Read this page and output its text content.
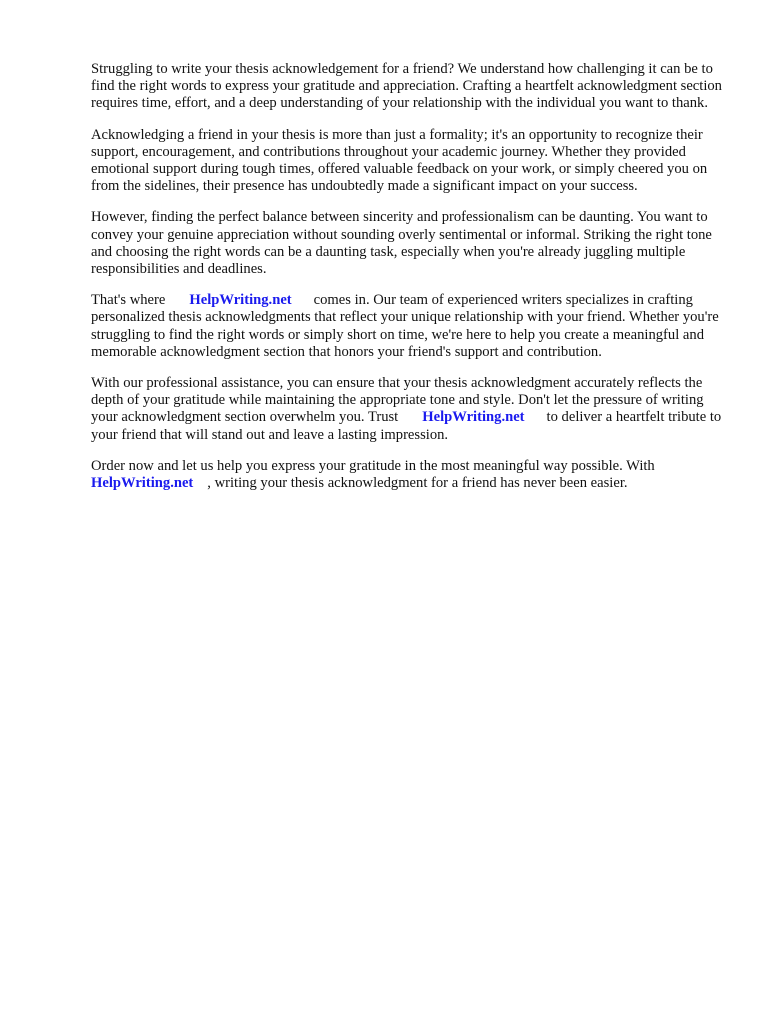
Struggling to write your thesis acknowledgement for a friend? We understand how challenging it can be to find the right words to express your gratitude and appreciation. Crafting a heartfelt acknowledgment section requires time, effort, and a deep understanding of your relationship with the individual you want to thank.

Acknowledging a friend in your thesis is more than just a formality; it's an opportunity to recognize their support, encouragement, and contributions throughout your academic journey. Whether they provided emotional support during tough times, offered valuable feedback on your work, or simply cheered you on from the sidelines, their presence has undoubtedly made a significant impact on your success.

However, finding the perfect balance between sincerity and professionalism can be daunting. You want to convey your genuine appreciation without sounding overly sentimental or informal. Striking the right tone and choosing the right words can be a daunting task, especially when you're already juggling multiple responsibilities and deadlines.

That's where HelpWriting.net comes in. Our team of experienced writers specializes in crafting personalized thesis acknowledgments that reflect your unique relationship with your friend. Whether you're struggling to find the right words or simply short on time, we're here to help you create a meaningful and memorable acknowledgment section that honors your friend's support and contribution.

With our professional assistance, you can ensure that your thesis acknowledgment accurately reflects the depth of your gratitude while maintaining the appropriate tone and style. Don't let the pressure of writing your acknowledgment section overwhelm you. Trust HelpWriting.net to deliver a heartfelt tribute to your friend that will stand out and leave a lasting impression.

Order now and let us help you express your gratitude in the most meaningful way possible. With HelpWriting.net , writing your thesis acknowledgment for a friend has never been easier.
